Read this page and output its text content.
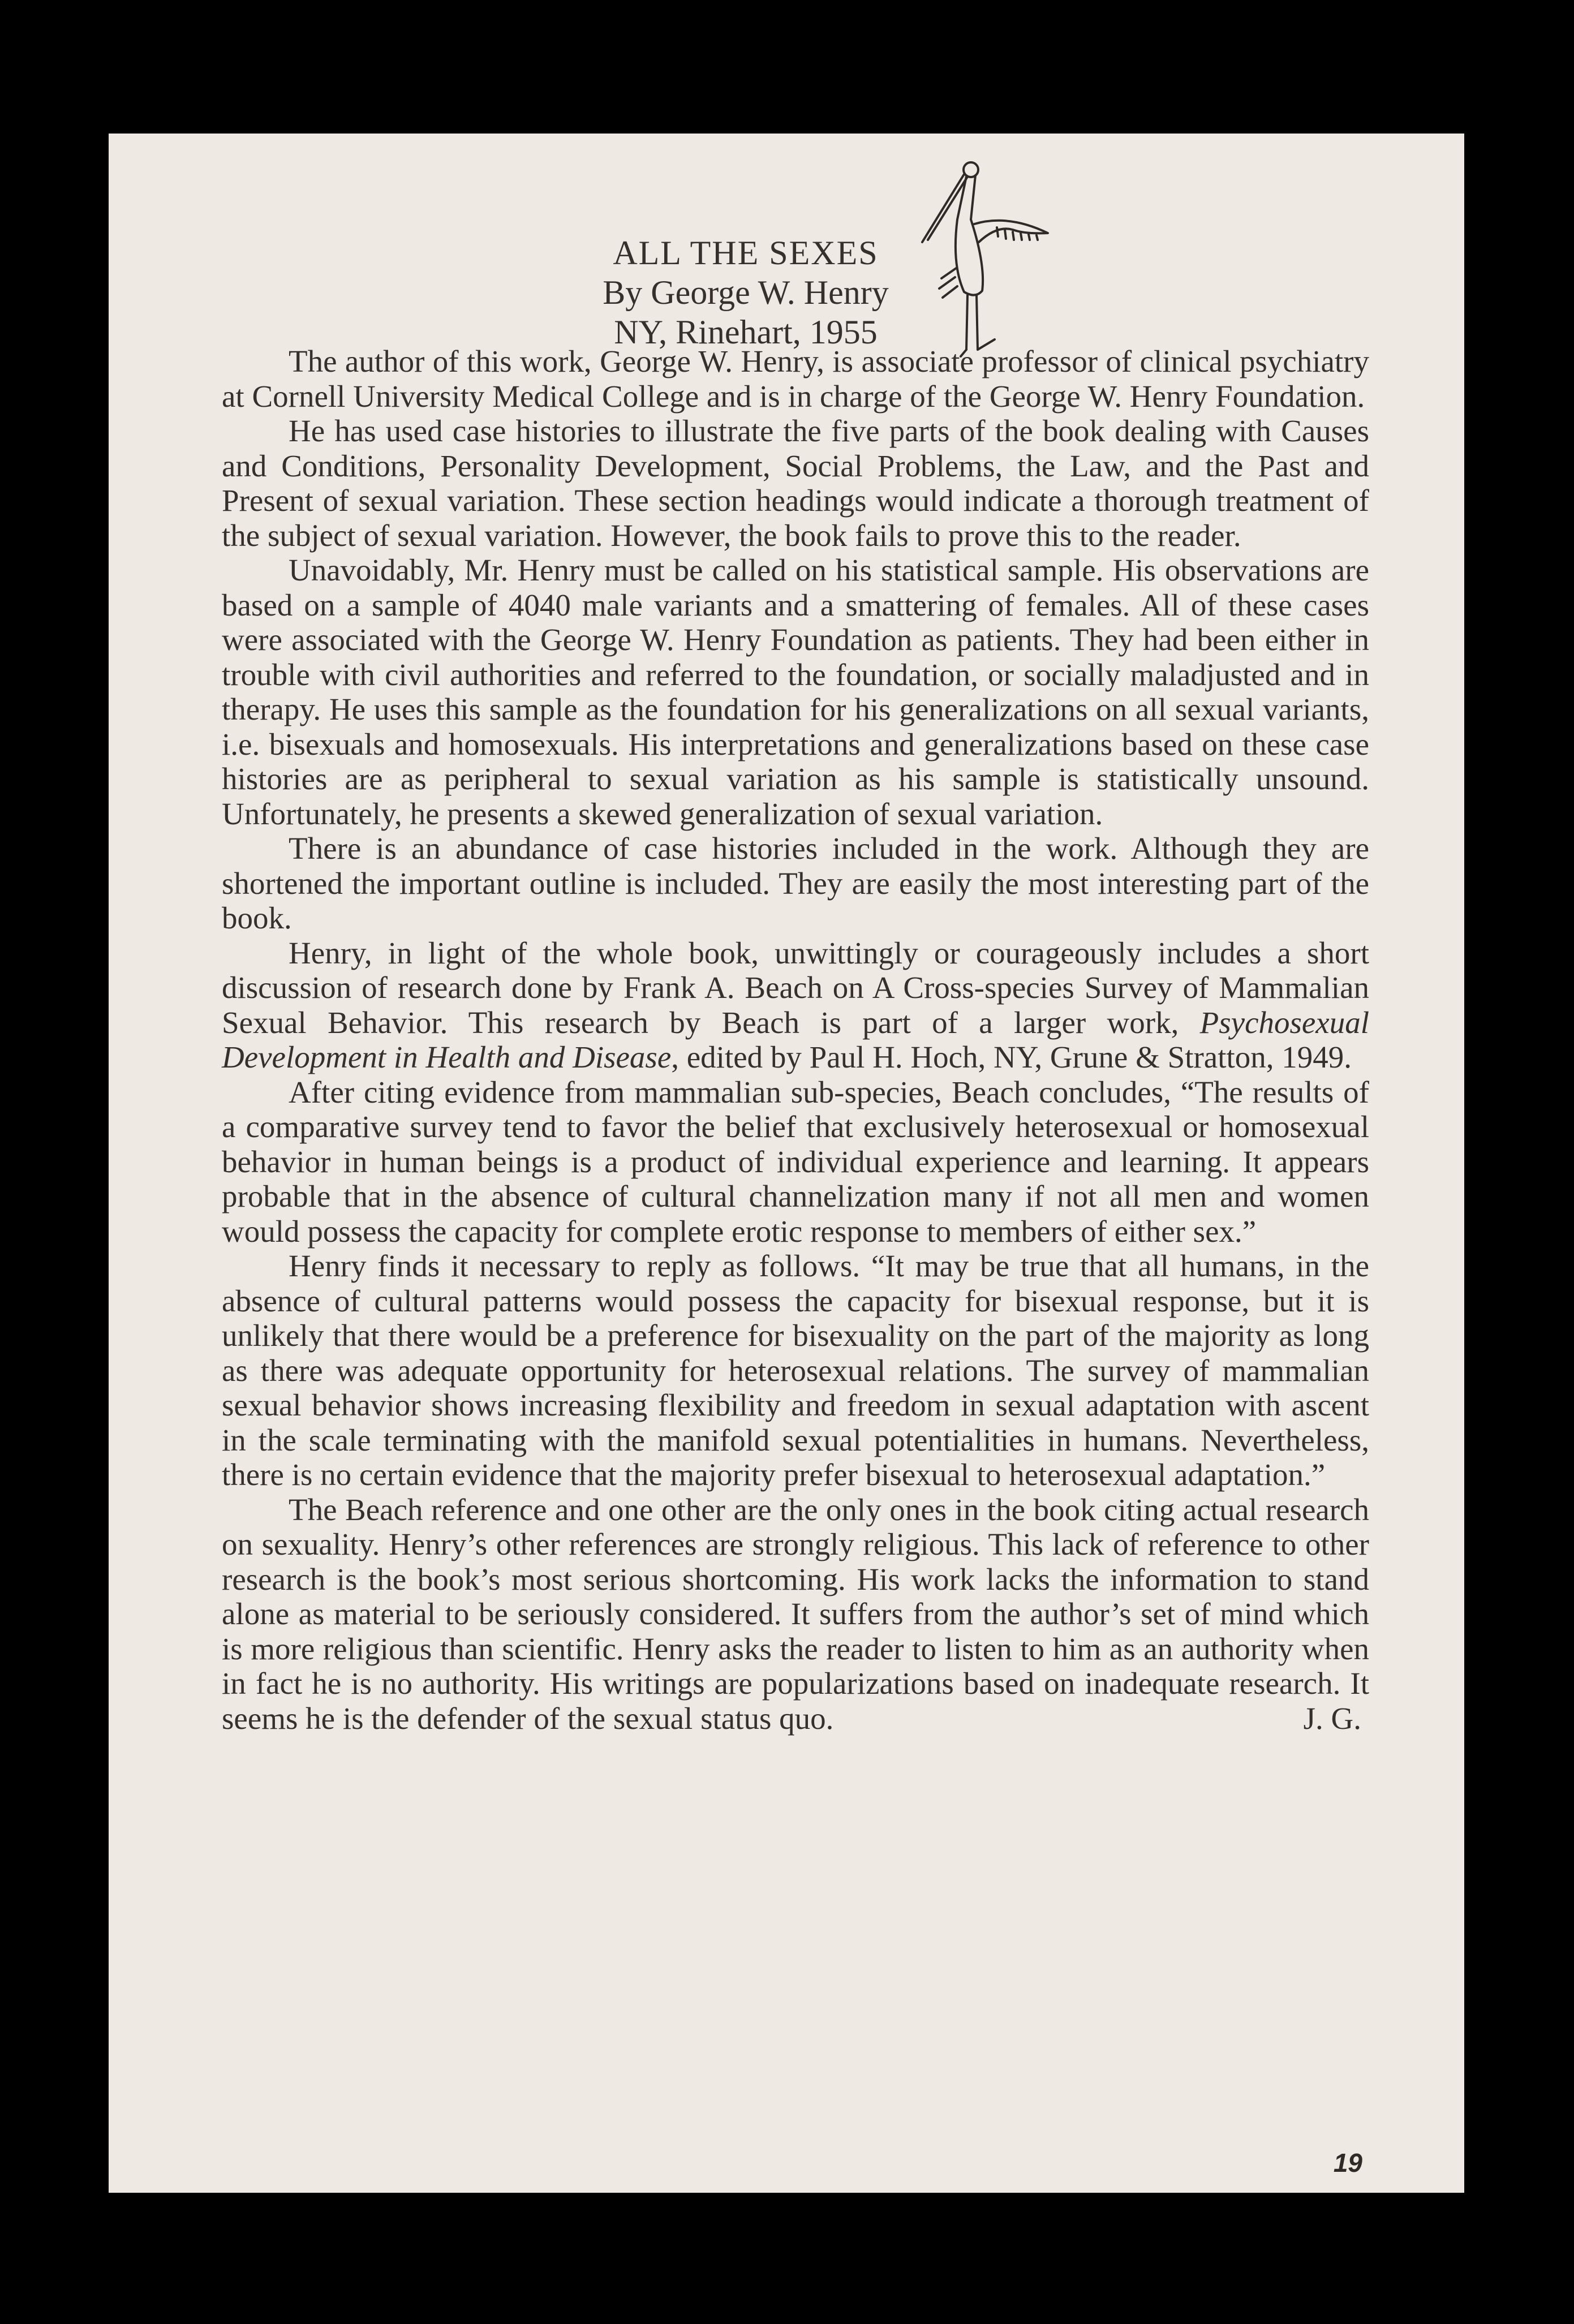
ALL THE SEXES
By George W. Henry
NY, Rinehart, 1955

The author of this work, George W. Henry, is associate professor of clinical psychiatry at Cornell University Medical College and is in charge of the George W. Henry Foundation.

He has used case histories to illustrate the five parts of the book dealing with Causes and Conditions, Personality Development, Social Problems, the Law, and the Past and Present of sexual variation. These section headings would indicate a thorough treatment of the subject of sexual variation. However, the book fails to prove this to the reader.

Unavoidably, Mr. Henry must be called on his statistical sample. His observations are based on a sample of 4040 male variants and a smattering of females. All of these cases were associated with the George W. Henry Foundation as patients. They had been either in trouble with civil authorities and referred to the foundation, or socially maladjusted and in therapy. He uses this sample as the foundation for his generalizations on all sexual variants, i.e. bisexuals and homosexuals. His interpretations and generalizations based on these case histories are as peripheral to sexual variation as his sample is statistically unsound. Unfortunately, he presents a skewed generalization of sexual variation.

There is an abundance of case histories included in the work. Although they are shortened the important outline is included. They are easily the most interesting part of the book.

Henry, in light of the whole book, unwittingly or courageously includes a short discussion of research done by Frank A. Beach on A Cross-species Survey of Mammalian Sexual Behavior. This research by Beach is part of a larger work, Psychosexual Development in Health and Disease, edited by Paul H. Hoch, NY, Grune & Stratton, 1949.

After citing evidence from mammalian sub-species, Beach concludes, “The results of a comparative survey tend to favor the belief that exclusively heterosexual or homosexual behavior in human beings is a product of individual experience and learning. It appears probable that in the absence of cultural channelization many if not all men and women would possess the capacity for complete erotic response to members of either sex.”

Henry finds it necessary to reply as follows. “It may be true that all humans, in the absence of cultural patterns would possess the capacity for bisexual response, but it is unlikely that there would be a preference for bisexuality on the part of the majority as long as there was adequate opportunity for heterosexual relations. The survey of mammalian sexual behavior shows increasing flexibility and freedom in sexual adaptation with ascent in the scale terminating with the manifold sexual potentialities in humans. Nevertheless, there is no certain evidence that the majority prefer bisexual to heterosexual adaptation.”

The Beach reference and one other are the only ones in the book citing actual research on sexuality. Henry’s other references are strongly religious. This lack of reference to other research is the book’s most serious shortcoming. His work lacks the information to stand alone as material to be seriously considered. It suffers from the author’s set of mind which is more religious than scientific. Henry asks the reader to listen to him as an authority when in fact he is no authority. His writings are popularizations based on inadequate research. It seems he is the defender of the sexual status quo.	J. G.

19
